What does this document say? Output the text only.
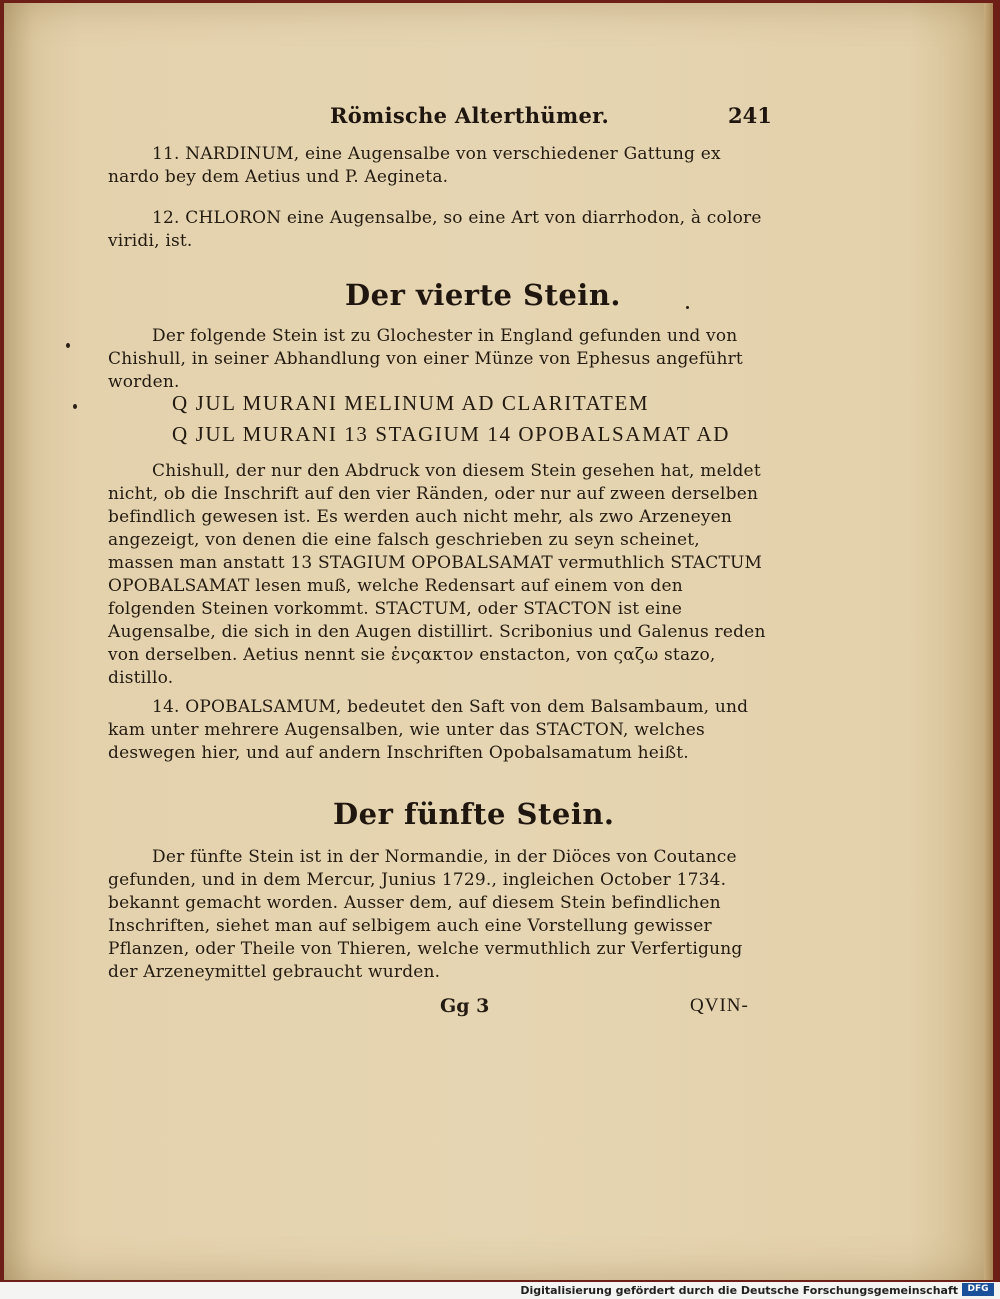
Römische Alterthümer.	241
11. NARDINUM, eine Augensalbe von verschiedener Gattung ex nardo bey dem Aetius und P. Aegineta.
12. CHLORON eine Augensalbe, so eine Art von diarrhodon, à colore viridi, ist.
Der vierte Stein.
Der folgende Stein ist zu Glochester in England gefunden und von Chishull, in seiner Abhandlung von einer Münze von Ephesus angeführt worden.
Q JUL MURANI MELINUM AD CLARITATEM
Q JUL MURANI 13 STAGIUM 14 OPOBALSAMAT AD
Chishull, der nur den Abdruck von diesem Stein gesehen hat, meldet nicht, ob die Inschrift auf den vier Ränden, oder nur auf zween derselben befindlich gewesen ist. Es werden auch nicht mehr, als zwo Arzeneyen angezeigt, von denen die eine falsch geschrieben zu seyn scheinet, massen man anstatt 13 STAGIUM OPOBALSAMAT vermuthlich STACTUM OPOBALSAMAT lesen muß, welche Redensart auf einem von den folgenden Steinen vorkommt. STACTUM, oder STACTON ist eine Augensalbe, die sich in den Augen distillirt. Scribonius und Galenus reden von derselben. Aetius nennt sie ἐνςακτον enstacton, von ςαζω stazo, distillo.
14. OPOBALSAMUM, bedeutet den Saft von dem Balsambaum, und kam unter mehrere Augensalben, wie unter das STACTON, welches deswegen hier, und auf andern Inschriften Opobalsamatum heißt.
Der fünfte Stein.
Der fünfte Stein ist in der Normandie, in der Diöces von Coutance gefunden, und in dem Mercur, Junius 1729., ingleichen October 1734. bekannt gemacht worden. Ausser dem, auf diesem Stein befindlichen Inschriften, siehet man auf selbigem auch eine Vorstellung gewisser Pflanzen, oder Theile von Thieren, welche vermuthlich zur Verfertigung der Arzeneymittel gebraucht wurden.
Gg 3	QVIN-
Digitalisierung gefördert durch die Deutsche Forschungsgemeinschaft	DFG
